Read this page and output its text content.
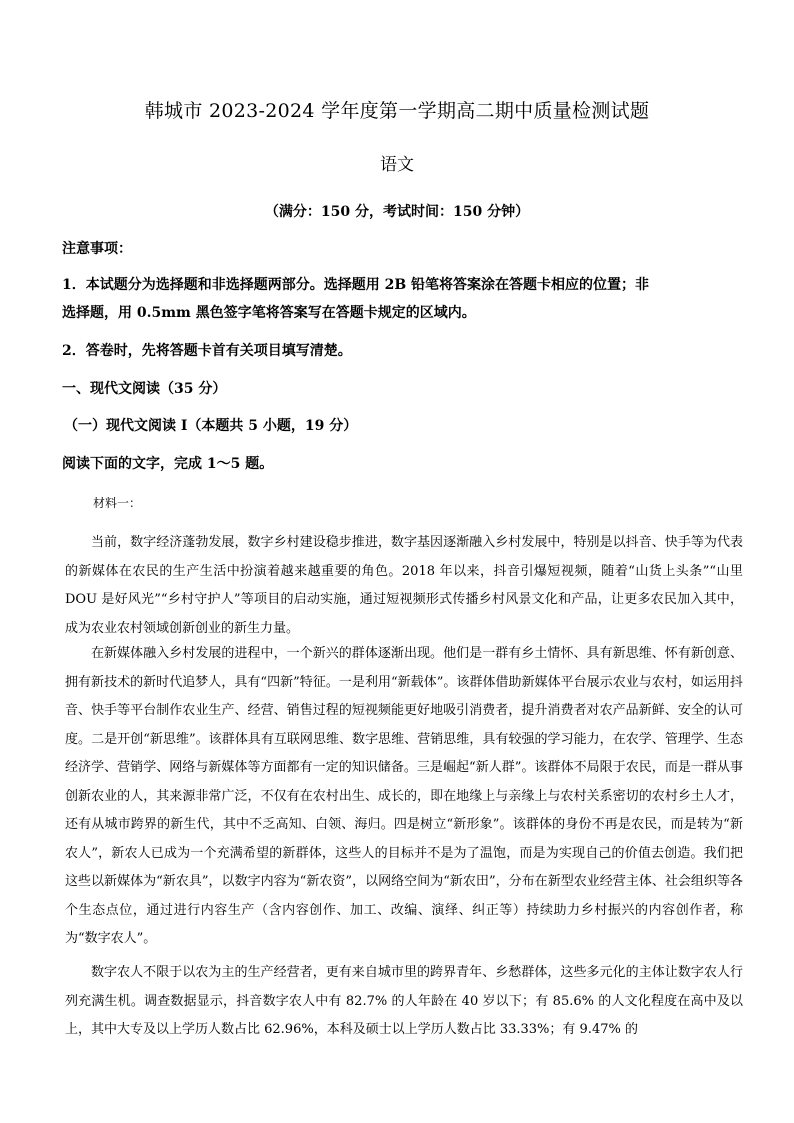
韩城市 2023-2024 学年度第一学期高二期中质量检测试题
语文
（满分：150 分，考试时间：150 分钟）
注意事项：
1．本试题分为选择题和非选择题两部分。选择题用 2B 铅笔将答案涂在答题卡相应的位置；非
选择题，用 0.5mm 黑色签字笔将答案写在答题卡规定的区域内。
2．答卷时，先将答题卡首有关项目填写清楚。
一、现代文阅读（35 分）
（一）现代文阅读 I（本题共 5 小题，19 分）
阅读下面的文字，完成 1～5 题。
材料一：

当前，数字经济蓬勃发展，数字乡村建设稳步推进，数字基因逐渐融入乡村发展中，特别是以抖音、快手等为代表的新媒体在农民的生产生活中扮演着越来越重要的角色。2018 年以来，抖音引爆短视频，随着“山货上头条”“山里 DOU 是好风光”“乡村守护人”等项目的启动实施，通过短视频形式传播乡村风景文化和产品，让更多农民加入其中，成为农业农村领域创新创业的新生力量。

在新媒体融入乡村发展的进程中，一个新兴的群体逐渐出现。他们是一群有乡土情怀、具有新思维、怀有新创意、拥有新技术的新时代追梦人，具有“四新”特征。一是利用“新载体”。该群体借助新媒体平台展示农业与农村，如运用抖音、快手等平台制作农业生产、经营、销售过程的短视频能更好地吸引消费者，提升消费者对农产品新鲜、安全的认可度。二是开创“新思维”。该群体具有互联网思维、数字思维、营销思维，具有较强的学习能力，在农学、管理学、生态经济学、营销学、网络与新媒体等方面都有一定的知识储备。三是崛起“新人群”。该群体不局限于农民，而是一群从事创新农业的人，其来源非常广泛，不仅有在农村出生、成长的，即在地缘上与亲缘上与农村关系密切的农村乡土人才，还有从城市跨界的新生代，其中不乏高知、白领、海归。四是树立“新形象”。该群体的身份不再是农民，而是转为“新农人”，新农人已成为一个充满希望的新群体，这些人的目标并不是为了温饱，而是为实现自己的价值去创造。我们把这些以新媒体为“新农具”，以数字内容为“新农资”，以网络空间为“新农田”，分布在新型农业经营主体、社会组织等各个生态点位，通过进行内容生产（含内容创作、加工、改编、演绎、纠正等）持续助力乡村振兴的内容创作者，称为“数字农人”。

数字农人不限于以农为主的生产经营者，更有来自城市里的跨界青年、乡愁群体，这些多元化的主体让数字农人行列充满生机。调查数据显示，抖音数字农人中有 82.7% 的人年龄在 40 岁以下；有 85.6% 的人文化程度在高中及以上，其中大专及以上学历人数占比 62.96%，本科及硕士以上学历人数占比 33.33%；有 9.47% 的
